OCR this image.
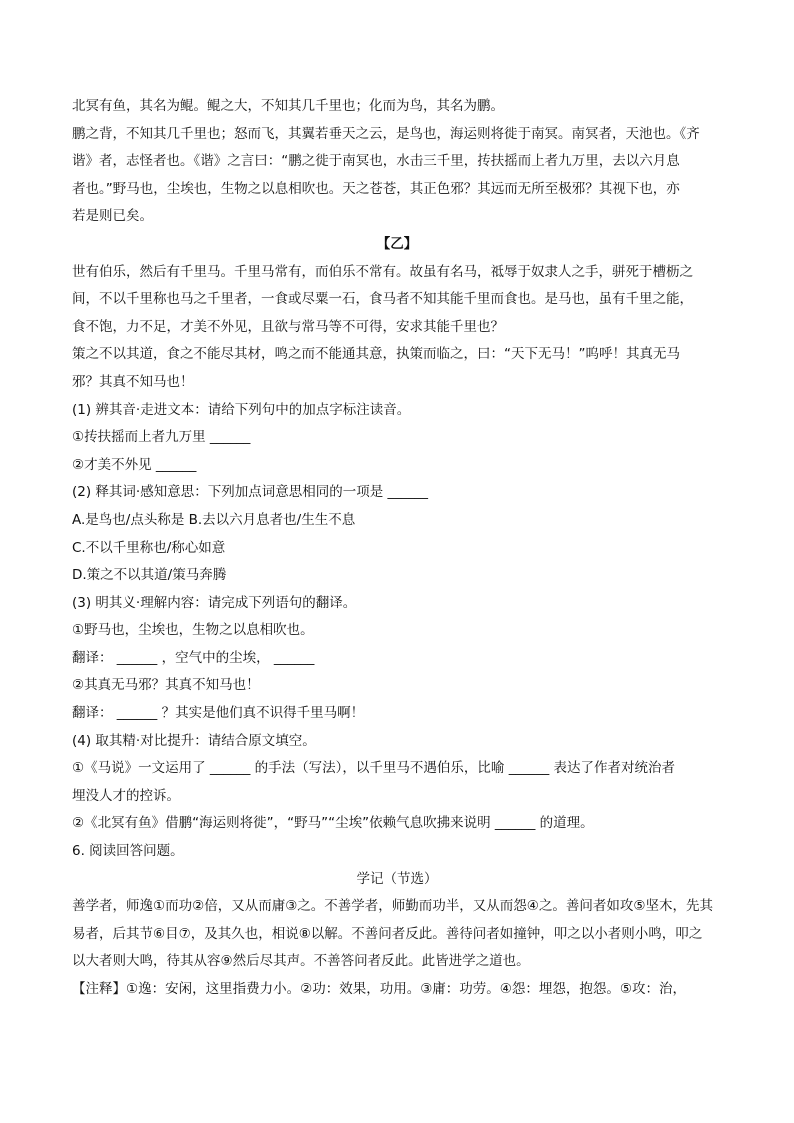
北冥有鱼，其名为鲲。鲲之大，不知其几千里也；化而为鸟，其名为鹏。
鹏之背，不知其几千里也；怒而飞，其翼若垂天之云，是鸟也，海运则将徙于南冥。南冥者，天池也。《齐
谐》者，志怪者也。《谐》之言曰：“鹏之徙于南冥也，水击三千里，抟扶摇而上者九万里，去以六月息
者也。”野马也，尘埃也，生物之以息相吹也。天之苍苍，其正色邪？其远而无所至极邪？其视下也，亦
若是则已矣。
【乙】
世有伯乐，然后有千里马。千里马常有，而伯乐不常有。故虽有名马，祗辱于奴隶人之手，骈死于槽枥之
间，不以千里称也马之千里者，一食或尽粟一石，食马者不知其能千里而食也。是马也，虽有千里之能，
食不饱，力不足，才美不外见，且欲与常马等不可得，安求其能千里也？
策之不以其道，食之不能尽其材，鸣之而不能通其意，执策而临之，曰：“天下无马！”呜呼！其真无马
邪？其真不知马也！
(1) 辨其音·走进文本：请给下列句中的加点字标注读音。
①抟扶摇而上者九万里 ______
②才美不外见 ______
(2) 释其词·感知意思：下列加点词意思相同的一项是 ______
A.是鸟也/点头称是 B.去以六月息者也/生生不息
C.不以千里称也/称心如意
D.策之不以其道/策马奔腾
(3) 明其义·理解内容：请完成下列语句的翻译。
①野马也，尘埃也，生物之以息相吹也。
翻译： ______ ，空气中的尘埃， ______
②其真无马邪？其真不知马也！
翻译： ______ ？其实是他们真不识得千里马啊！
(4) 取其精·对比提升：请结合原文填空。
①《马说》一文运用了 ______ 的手法（写法），以千里马不遇伯乐，比喻 ______ 表达了作者对统治者
埋没人才的控诉。
②《北冥有鱼》借鹏“海运则将徙”，“野马”“尘埃”依赖气息吹拂来说明 ______ 的道理。
6. 阅读回答问题。
学记（节选）
善学者，师逸①而功②倍，又从而庸③之。不善学者，师勤而功半，又从而怨④之。善问者如攻⑤坚木，先其
易者，后其节⑥目⑦，及其久也，相说⑧以解。不善问者反此。善待问者如撞钟，叩之以小者则小鸣，叩之
以大者则大鸣，待其从容⑨然后尽其声。不善答问者反此。此皆进学之道也。
【注释】①逸：安闲，这里指费力小。②功：效果，功用。③庸：功劳。④怨：埋怨，抱怨。⑤攻：治，
